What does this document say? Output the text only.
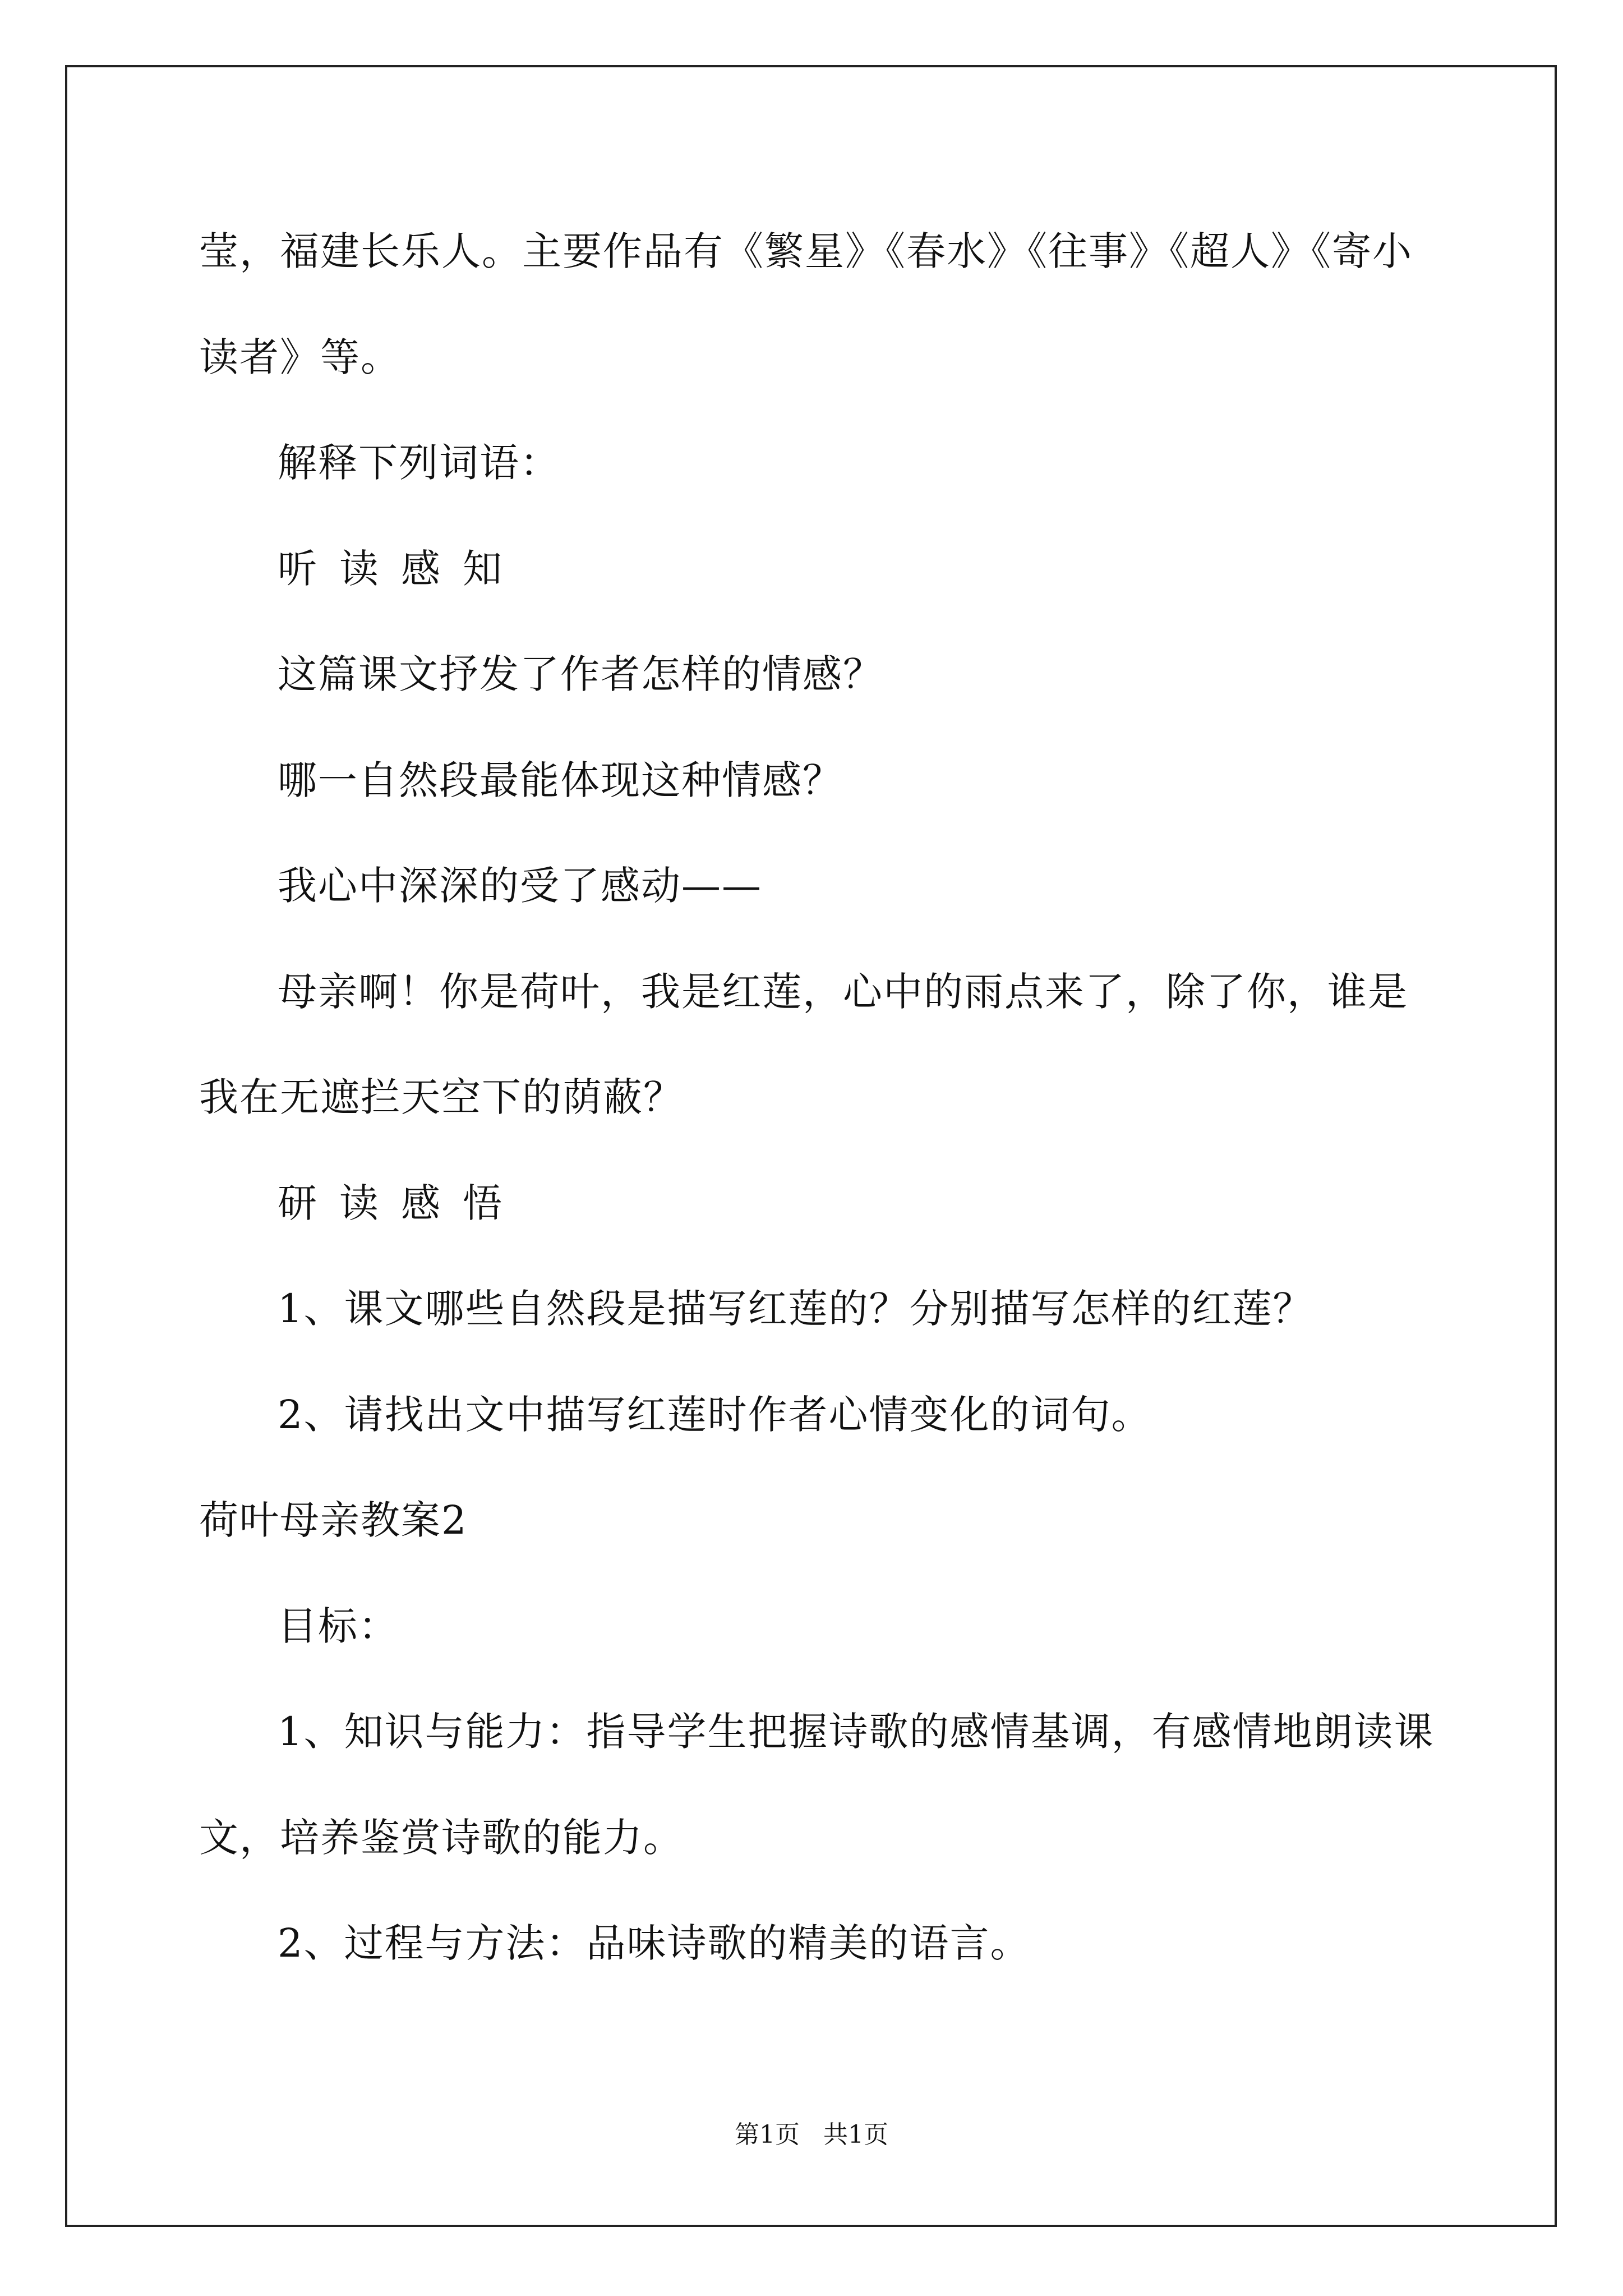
莹，福建长乐人。主要作品有《繁星》《春水》《往事》《超人》《寄小
读者》等。
解释下列词语：
听读感知
这篇课文抒发了作者怎样的情感？
哪一自然段最能体现这种情感？
我心中深深的受了感动——
母亲啊！你是荷叶，我是红莲，心中的雨点来了，除了你，谁是
我在无遮拦天空下的荫蔽？
研读感悟
1、课文哪些自然段是描写红莲的？分别描写怎样的红莲？
2、请找出文中描写红莲时作者心情变化的词句。
荷叶母亲教案2
目标：
1、知识与能力：指导学生把握诗歌的感情基调，有感情地朗读课
文，培养鉴赏诗歌的能力。
2、过程与方法：品味诗歌的精美的语言。
第1页   共1页
